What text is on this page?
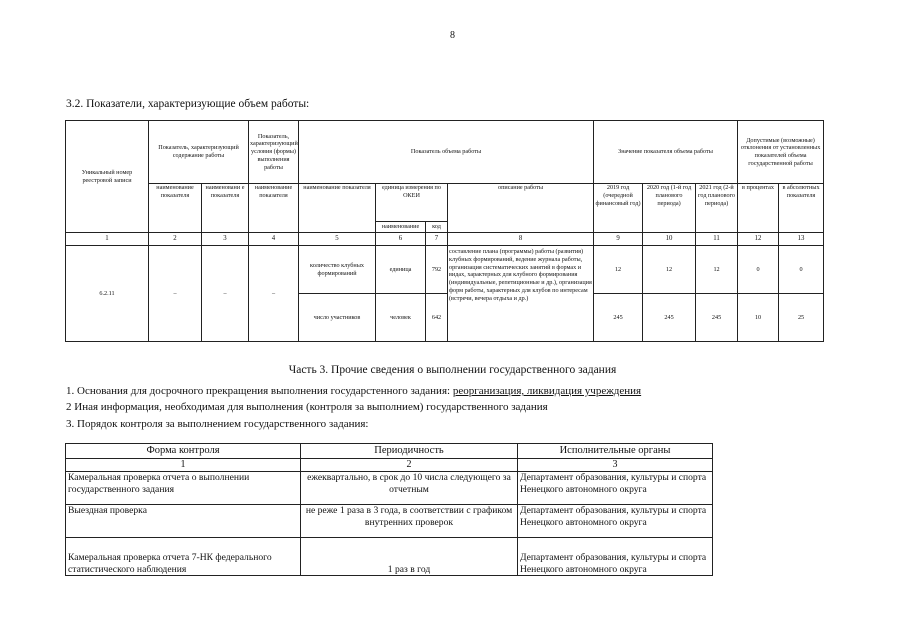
8
3.2. Показатели, характеризующие объем работы:
Уникальный номер реестровой записи	Показатель, характеризующий содержание работы		Показатель, характеризующий условия (формы) выполнения работы	Показатель объема работы				Значение показателя объема работы			Допустимые (возможные) отклонения от установленных показателей объема государственной работы	
	наименование показателя	наименовани е показателя	наименование показателя	наименование показателя	единица измерения по ОКЕИ		описание работы	2019 год (очередной финансовый год)	2020 год (1-й год планового периода)	2021 год (2-й год планового периода)	в процентах	в абсолютных показателя
					наименование	код						
1	2	3	4	5	6	7	8	9	10	11	12	13
6.2.11	–	–	–	количество клубных формирований	единица	792	составление плана (программы) работы (развития) клубных формирований, ведение журнала работы, организация систематических занятий в формах и видах, характерных для клубного формирования (индивидуальные, репетиционные и др.), организация форм работы, характерных для клубов по интересам (встречи, вечера отдыха и др.)	12	12	12	0	0
				число участников	человек	642		245	245	245	10	25
Часть 3. Прочие сведения о выполнении государственного задания
1. Основания для досрочного прекращения выполнения государстенного задания: реорганизация, ликвидация учреждения
2 Иная информация, необходимая для выполнения (контроля за выполнием) государственного задания
3. Порядок контроля за выполнением государственного задания:
Форма контроля	Периодичность	Исполнительные органы
1	2	3
Камеральная проверка отчета о выполнении государственного задания	ежеквартально, в срок до 10 числа следующего за отчетным	Департамент образования, культуры и спорта Ненецкого автономного округа
Выездная проверка	не реже 1 раза в 3 года, в соответствии с графиком внутренних проверок	Департамент образования, культуры и спорта Ненецкого автономного округа
Камеральная проверка отчета 7-НК федерального статистического наблюдения	1 раз в год	Департамент образования, культуры и спорта Ненецкого автономного округа
